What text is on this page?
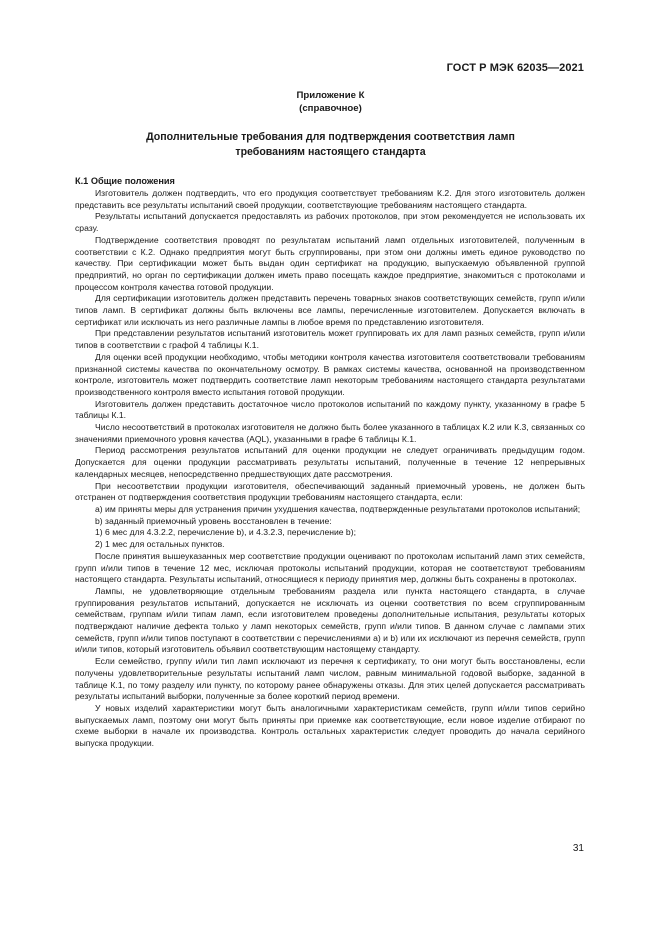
ГОСТ Р МЭК 62035—2021
Приложение К
(справочное)
Дополнительные требования для подтверждения соответствия ламп
требованиям настоящего стандарта
К.1 Общие положения

Изготовитель должен подтвердить, что его продукция соответствует требованиям К.2. Для этого изготовитель должен представить все результаты испытаний своей продукции, соответствующие требованиям настоящего стандарта.

Результаты испытаний допускается предоставлять из рабочих протоколов, при этом рекомендуется не использовать их сразу.

Подтверждение соответствия проводят по результатам испытаний ламп отдельных изготовителей, полученным в соответствии с К.2. Однако предприятия могут быть сгруппированы, при этом они должны иметь единое руководство по качеству. При сертификации может быть выдан один сертификат на продукцию, выпускаемую объявленной группой предприятий, но орган по сертификации должен иметь право посещать каждое предприятие, знакомиться с протоколами и процессом контроля качества готовой продукции.

Для сертификации изготовитель должен представить перечень товарных знаков соответствующих семейств, групп и/или типов ламп. В сертификат должны быть включены все лампы, перечисленные изготовителем. Допускается включать в сертификат или исключать из него различные лампы в любое время по представлению изготовителя.

При представлении результатов испытаний изготовитель может группировать их для ламп разных семейств, групп и/или типов в соответствии с графой 4 таблицы К.1.

Для оценки всей продукции необходимо, чтобы методики контроля качества изготовителя соответствовали требованиям признанной системы качества по окончательному осмотру. В рамках системы качества, основанной на производственном контроле, изготовитель может подтвердить соответствие ламп некоторым требованиям настоящего стандарта результатами производственного контроля вместо испытания готовой продукции.

Изготовитель должен представить достаточное число протоколов испытаний по каждому пункту, указанному в графе 5 таблицы К.1.

Число несоответствий в протоколах изготовителя не должно быть более указанного в таблицах К.2 или К.3, связанных со значениями приемочного уровня качества (AQL), указанными в графе 6 таблицы К.1.

Период рассмотрения результатов испытаний для оценки продукции не следует ограничивать предыдущим годом. Допускается для оценки продукции рассматривать результаты испытаний, полученные в течение 12 непрерывных календарных месяцев, непосредственно предшествующих дате рассмотрения.

При несоответствии продукции изготовителя, обеспечивающий заданный приемочный уровень, не должен быть отстранен от подтверждения соответствия продукции требованиям настоящего стандарта, если:

а) им приняты меры для устранения причин ухудшения качества, подтвержденные результатами протоколов испытаний;

b) заданный приемочный уровень восстановлен в течение:

1) 6 мес для 4.3.2.2, перечисление b), и 4.3.2.3, перечисление b);

2) 1 мес для остальных пунктов.

После принятия вышеуказанных мер соответствие продукции оценивают по протоколам испытаний ламп этих семейств, групп и/или типов в течение 12 мес, исключая протоколы испытаний продукции, которая не соответствуют требованиям настоящего стандарта. Результаты испытаний, относящиеся к периоду принятия мер, должны быть сохранены в протоколах.

Лампы, не удовлетворяющие отдельным требованиям раздела или пункта настоящего стандарта, в случае группирования результатов испытаний, допускается не исключать из оценки соответствия по всем сгруппированным семействам, группам и/или типам ламп, если изготовителем проведены дополнительные испытания, результаты которых подтверждают наличие дефекта только у ламп некоторых семейств, групп и/или типов. В данном случае с лампами этих семейств, групп и/или типов поступают в соответствии с перечислениями а) и b) или их исключают из перечня семейств, групп и/или типов, который изготовитель объявил соответствующим настоящему стандарту.

Если семейство, группу и/или тип ламп исключают из перечня к сертификату, то они могут быть восстановлены, если получены удовлетворительные результаты испытаний ламп числом, равным минимальной годовой выборке, заданной в таблице К.1, по тому разделу или пункту, по которому ранее обнаружены отказы. Для этих целей допускается рассматривать результаты испытаний выборки, полученные за более короткий период времени.

У новых изделий характеристики могут быть аналогичными характеристикам семейств, групп и/или типов серийно выпускаемых ламп, поэтому они могут быть приняты при приемке как соответствующие, если новое изделие отбирают по схеме выборки в начале их производства. Контроль остальных характеристик следует проводить до начала серийного выпуска продукции.

31
